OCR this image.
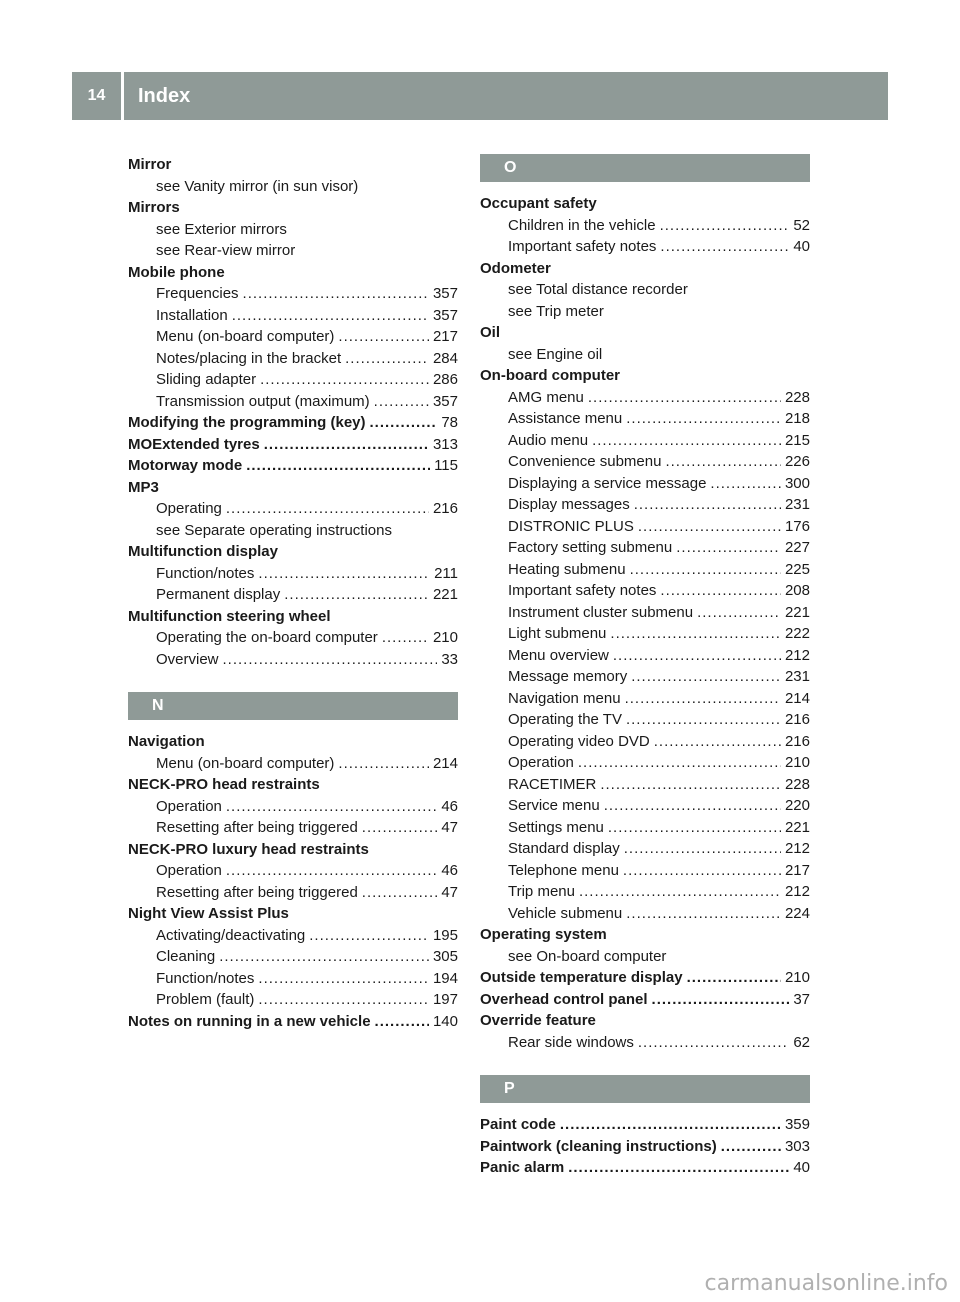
14	Index
Mirror
see Vanity mirror (in sun visor)
Mirrors
see Exterior mirrors
see Rear-view mirror
Mobile phone
Frequencies .....	357
Installation .....	357
Menu (on-board computer) .....	217
Notes/placing in the bracket .....	284
Sliding adapter .....	286
Transmission output (maximum) .....	357
Modifying the programming (key) .....	78
MOExtended tyres .....	313
Motorway mode .....	115
MP3
Operating .....	216
see Separate operating instructions
Multifunction display
Function/notes .....	211
Permanent display .....	221
Multifunction steering wheel
Operating the on-board computer .....	210
Overview .....	33
N
Navigation
Menu (on-board computer) .....	214
NECK-PRO head restraints
Operation .....	46
Resetting after being triggered .....	47
NECK-PRO luxury head restraints
Operation .....	46
Resetting after being triggered .....	47
Night View Assist Plus
Activating/deactivating .....	195
Cleaning .....	305
Function/notes .....	194
Problem (fault) .....	197
Notes on running in a new vehicle .....	140
O
Occupant safety
Children in the vehicle .....	52
Important safety notes .....	40
Odometer
see Total distance recorder
see Trip meter
Oil
see Engine oil
On-board computer
AMG menu .....	228
Assistance menu .....	218
Audio menu .....	215
Convenience submenu .....	226
Displaying a service message .....	300
Display messages .....	231
DISTRONIC PLUS .....	176
Factory setting submenu .....	227
Heating submenu .....	225
Important safety notes .....	208
Instrument cluster submenu .....	221
Light submenu .....	222
Menu overview .....	212
Message memory .....	231
Navigation menu .....	214
Operating the TV .....	216
Operating video DVD .....	216
Operation .....	210
RACETIMER .....	228
Service menu .....	220
Settings menu .....	221
Standard display .....	212
Telephone menu .....	217
Trip menu .....	212
Vehicle submenu .....	224
Operating system
see On-board computer
Outside temperature display .....	210
Overhead control panel .....	37
Override feature
Rear side windows .....	62
P
Paint code .....	359
Paintwork (cleaning instructions) .....	303
Panic alarm .....	40
carmanualsonline.info
